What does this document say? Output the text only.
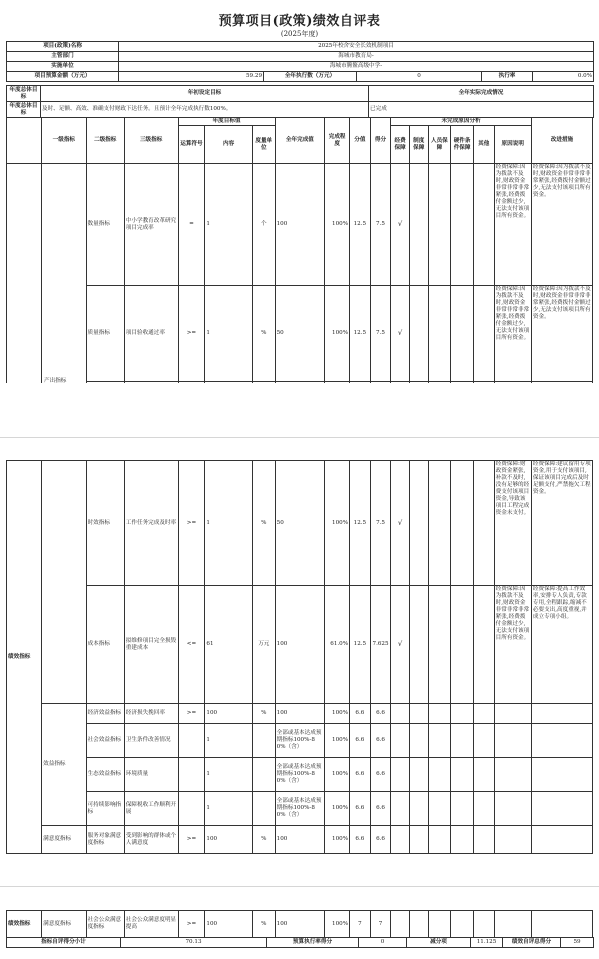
预算项目(政策)绩效自评表
(2025年度)
项目(政策)名称	2025年校舍安全长效机制项目				
主管部门	海城市教育局-				
实施单位	海城市腾鳌高级中学-				
项目预算金额（万元）	59.29	全年执行数（万元）	0	执行率	0.0%
年度总体目标	年初设定目标	全年实际完成情况
年度总体目标	及时、足额、高效、准确支付财政下达任务。且预计全年完成执行数100%。	已完成
	一级指标	二级指标	三级指标	年度目标值			全年完成值	完成程度	分值	得分	未完成原因分析						改进措施
				运算符号	内容	度量单位					经费保障	制度保障	人员保障	硬件条件保障	其他	原因说明	
		数量指标	中小学教育改革研究项目完成率	=	1	个	100	100%	12.5	7.5	√					经费保障:因为拨款不及时,财政资金非常非常非常紧张,经费拨付金额过少,无法支付该项目所有资金。	经费保障:因为拨款不及时,财政资金非常非常非常紧张,经费拨付金额过少,无法支付该项目所有资金。
		质量指标	项目验收通过率	>=	1	%	50	100%	12.5	7.5	√					经费保障:因为拨款不及时,财政资金非常非常非常紧张,经费拨付金额过少,无法支付该项目所有资金。	经费保障:因为拨款不及时,财政资金非常非常非常紧张,经费拨付金额过少,无法支付该项目所有资金。

产出指标
绩效指标		时效指标	工作任务完成及时率	>=	1	%	50	100%	12.5	7.5	√					经费保障:财政资金紧张,补款不及时,没有足够的经费支付该项目资金,导致该项目工程完成资金未支付。	经费保障:建议留用专项资金,用于支付该项目,保证该项目完成后及时足额支付,严禁拖欠工程资金。
		成本指标	拟维修项目完全损毁重建成本	<=	61	万元	100	61.0%	12.5	7.625	√					经费保障:因为拨款不及时,财政资金非常非常非常紧张,经费拨付金额过少,无法支付该项目所有资金。	经费保障:提高工作效率,安排专人负责,专款专用,全程跟踪,缩减不必要支出,高度重视,并成立专项小组。
	效益指标	经济效益指标	经济损失挽回率	>=	100	%	100	100%	6.6	6.6							
		社会效益指标	卫生条件改善情况		1		全部或基本达成预期指标100%-80%（含）	100%	6.6	6.6							
		生态效益指标	环境质量		1		全部或基本达成预期指标100%-80%（含）	100%	6.6	6.6							
		可持续影响指标	保障税收工作顺利开展		1		全部或基本达成预期指标100%-80%（含）	100%	6.6	6.6							
	满意度指标	服务对象满意度指标	受到影响的群体或个人满意度	>=	100	%	100	100%	6.6	6.6							
绩效指标	满意度指标	社会公众满意度指标	社会公众满意度明显提高	>=	100	%	100	100%	7	7							
指标自评得分小计	70.13	预算执行率得分	0	减分项	11.125	绩效自评总得分	59
